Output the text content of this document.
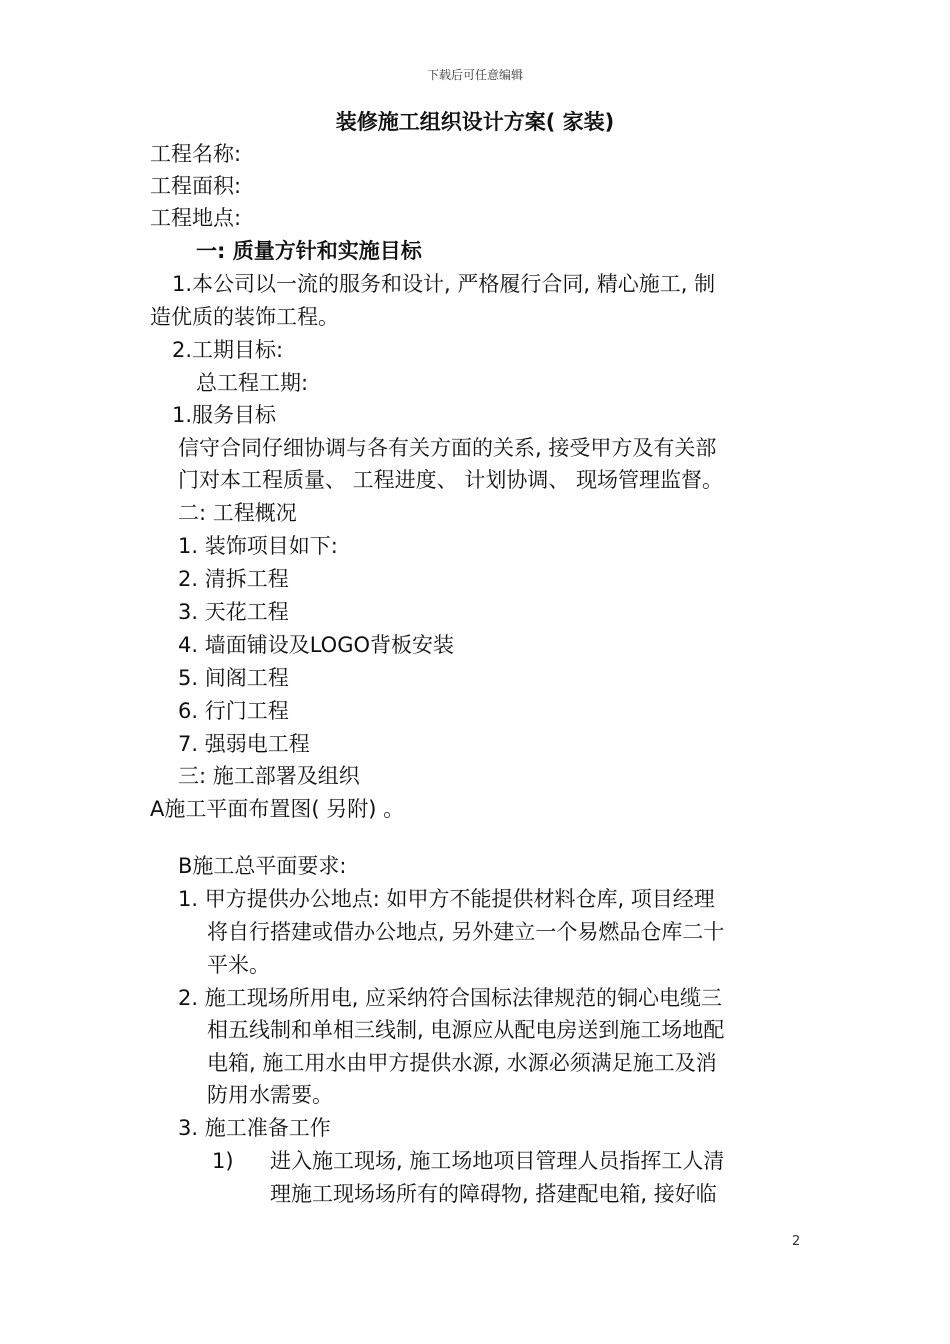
下载后可任意编辑
装修施工组织设计方案( 家装)
工程名称:
工程面积:
工程地点:
一: 质量方针和实施目标
1.本公司以一流的服务和设计, 严格履行合同, 精心施工, 制
造优质的装饰工程。
2.工期目标:
总工程工期:
1.服务目标
信守合同仔细协调与各有关方面的关系, 接受甲方及有关部
门对本工程质量、 工程进度、 计划协调、 现场管理监督。
二: 工程概况
1. 装饰项目如下:
2. 清拆工程
3. 天花工程
4. 墙面铺设及LOGO背板安装
5. 间阁工程
6. 行门工程
7. 强弱电工程
三: 施工部署及组织
A施工平面布置图( 另附) 。
B施工总平面要求:
1. 甲方提供办公地点: 如甲方不能提供材料仓库, 项目经理
将自行搭建或借办公地点, 另外建立一个易燃品仓库二十
平米。
2. 施工现场所用电, 应采纳符合国标法律规范的铜心电缆三
相五线制和单相三线制, 电源应从配电房送到施工场地配
电箱, 施工用水由甲方提供水源, 水源必须满足施工及消
防用水需要。
3. 施工准备工作
1) 进入施工现场, 施工场地项目管理人员指挥工人清
理施工现场场所有的障碍物, 搭建配电箱, 接好临
2
